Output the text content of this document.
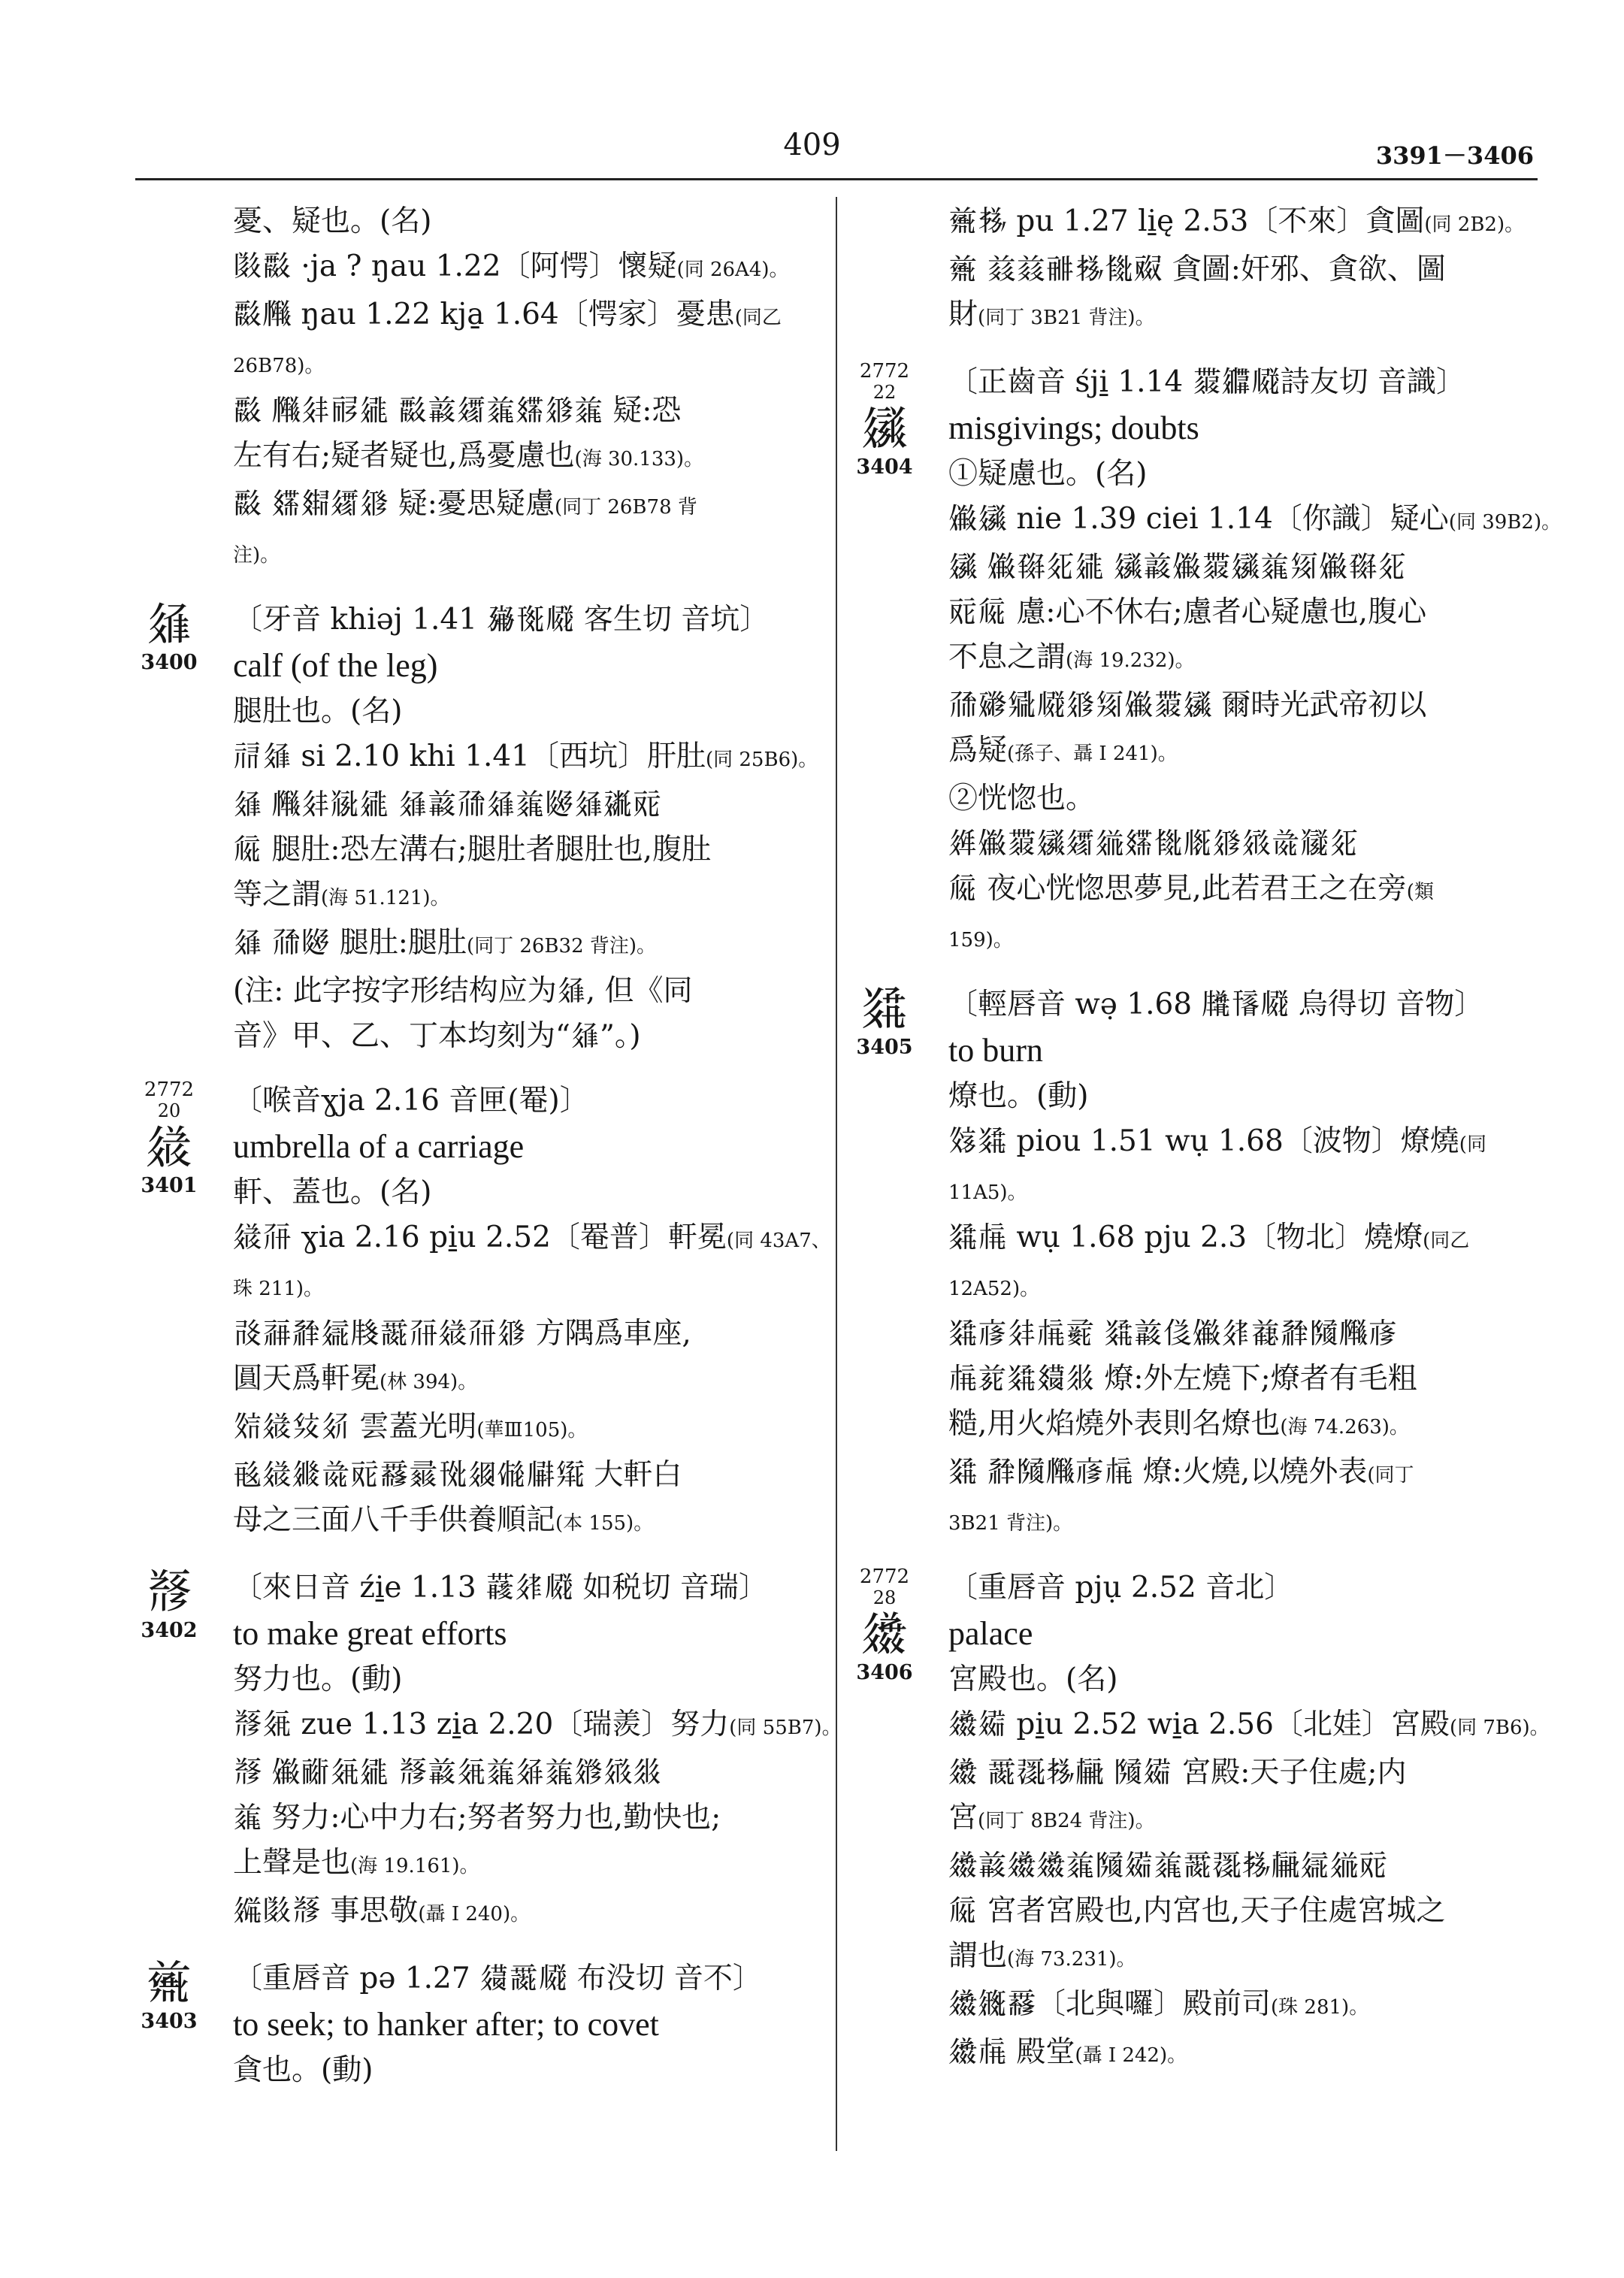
409	3391－3406
憂、疑也。(名)
𗂅𘟂 ·ja ? ŋau 1.22〔阿愕〕懷疑(同 26A4)。
𘟂𗆼 ŋau 1.22 kja̱ 1.64〔愕家〕憂患(同乙
26B78)。
𘟂 𗆼𗢳𗟲𗧓 𘟂𗓁𗨻𗒀𗿒𗤁𗒀 疑:恐
左有右;疑者疑也,爲憂慮也(海 30.133)。
𘟂 𗿒𗿏𗨻𗤁 疑:憂思疑慮(同丁 26B78 背
注)。
𗥸
3400
〔牙音 khiəj 1.41 𗉫𗍊𗆧 客生切 音坑〕
calf (of the leg)
腿肚也。(名)
𗘺𗥸 si 2.10 khi 1.41〔西坑〕肝肚(同 25B6)。
𗥸 𗆼𗢳𗮀𗧓 𗥸𗓁𗗙𗥸𗒀𗁖𗥸𗡶𗠇
𗏁 腿肚:恐左溝右;腿肚者腿肚也,腹肚
等之謂(海 51.121)。
𗥸 𗗙𗁖 腿肚:腿肚(同丁 26B32 背注)。
(注: 此字按字形结构应为𗥸, 但《同
音》甲、乙、丁本均刻为“𗥸”。)
2772
20
𗧊
3401
〔喉音ɣja 2.16 音匣(罨)〕
umbrella of a carriage
軒、蓋也。(名)
𗧊𗗓 ɣia 2.16 pi̱u 2.52〔罨普〕軒冕(同 43A7、
珠 211)。
𗰗𗹏𗴂𗦇𗹞𗵘𗗓𗧊𗗓𗤁 方隅爲車座,
圓天爲軒冕(林 394)。
𗼻𗧊𗊏𗢯 雲蓋光明(華Ⅲ105)。
𗸟𗧊𗦫𗯨𗠇𗵒𗕥𗌽𗤓𗃡𗆔𗋕 大軒白
母之三面八千手供養順記(本 155)。
𘃡
3402
〔來日音 źi̱e 1.13 𗞞𗣲𗆧 如税切 音瑞〕
to make great efforts
努力也。(動)
𘃡𗣓 zue 1.13 zi̱a 2.20〔瑞羨〕努力(同 55B7)。
𘃡 𗏹𗠁𗣓𗧓 𘃡𗓁𗣓𗒀𗣳𗒀𗧁𗤻𗼈
𗒀 努力:心中力右;努者努力也,勤快也;
上聲是也(海 19.161)。
𗦃𗂅𘃡 事思敬(聶 I 240)。
𗓷
3403
〔重唇音 pə 1.27 𗩈𗵘𗆧 布没切 音不〕
to seek; to hanker after; to covet
貪也。(動)
𗓷𗈪 pu 1.27 li̱ę 2.53〔不來〕貪圖(同 2B2)。
𗓷 𗑠𗑠𗸙𗈪𗺌𗡂 貪圖:奸邪、貪欲、圖
財(同丁 3B21 背注)。
2772
22
𗪊
3404
〔正齒音 śji̱ 1.14 𗷅𗫗𗆧詩友切 音識〕
misgivings; doubts
①疑慮也。(名)
𗏹𗪊 nie 1.39 ciei 1.14〔你識〕疑心(同 39B2)。
𗪊 𗏹𗱈𗢬𗧓 𗪊𗓁𗏹𗷅𗪊𗒀𗊕𗏹𗱈𗢬
𗠇𗏁 慮:心不休右;慮者心疑慮也,腹心
不息之謂(海 19.232)。
𗗙𗡪𗋐𗆧𗤁𗊕𗏹𗷅𗪊 爾時光武帝初以
爲疑(孫子、聶 I 241)。
②恍惚也。
𗤶𗏹𗷅𗪊𗨻𗥤𗿒𗺌𗅋𗤁𗤻𗯨𗮔𗢬
𗏁 夜心恍惚思夢見,此若君王之在旁(類
159)。
𘂼
3405
〔輕唇音 wə̣ 1.68 𗹬𗍔𗆧 烏得切 音物〕
to burn
燎也。(動)
𗼵𘂼 piou 1.51 wụ 1.68〔波物〕燎燒(同
11A5)。
𘂼𗍫 wụ 1.68 pju 2.3〔物北〕燒燎(同乙
12A52)。
𘂼𗇋𗢳𗍫𗈜 𘂼𗓁𗇇𗏹𗣲𗓈𗴂𗂧𗆼𗇋
𗍫𗐱𘂼𗿢𗼈 燎:外左燒下;燎者有毛粗
糙,用火焰燒外表則名燎也(海 74.263)。
𘂼 𗴂𗂧𗆼𗇋𗍫 燎:火燒,以燒外表(同丁
3B21 背注)。
2772
28
𗫢
3406
〔重唇音 pjụ 2.52 音北〕
palace
宮殿也。(名)
𗫢𗩴 pi̱u 2.52 wi̱a 2.56〔北娃〕宮殿(同 7B6)。
𗫢 𗵘𗖰𗈪𗍳 𗂧𗩴 宮殿:天子住處;内
宮(同丁 8B24 背注)。
𗫢𗓁𗫢𗫢𗒀𗂧𗩴𗒀𗵘𗖰𗈪𗍳𗦇𗥤𗠇
𗏁 宮者宮殿也,内宮也,天子住處宮城之
謂也(海 73.231)。
𗫢𗪆𗵒〔北與囉〕殿前司(珠 281)。
𗫢𗍫 殿堂(聶 I 242)。
